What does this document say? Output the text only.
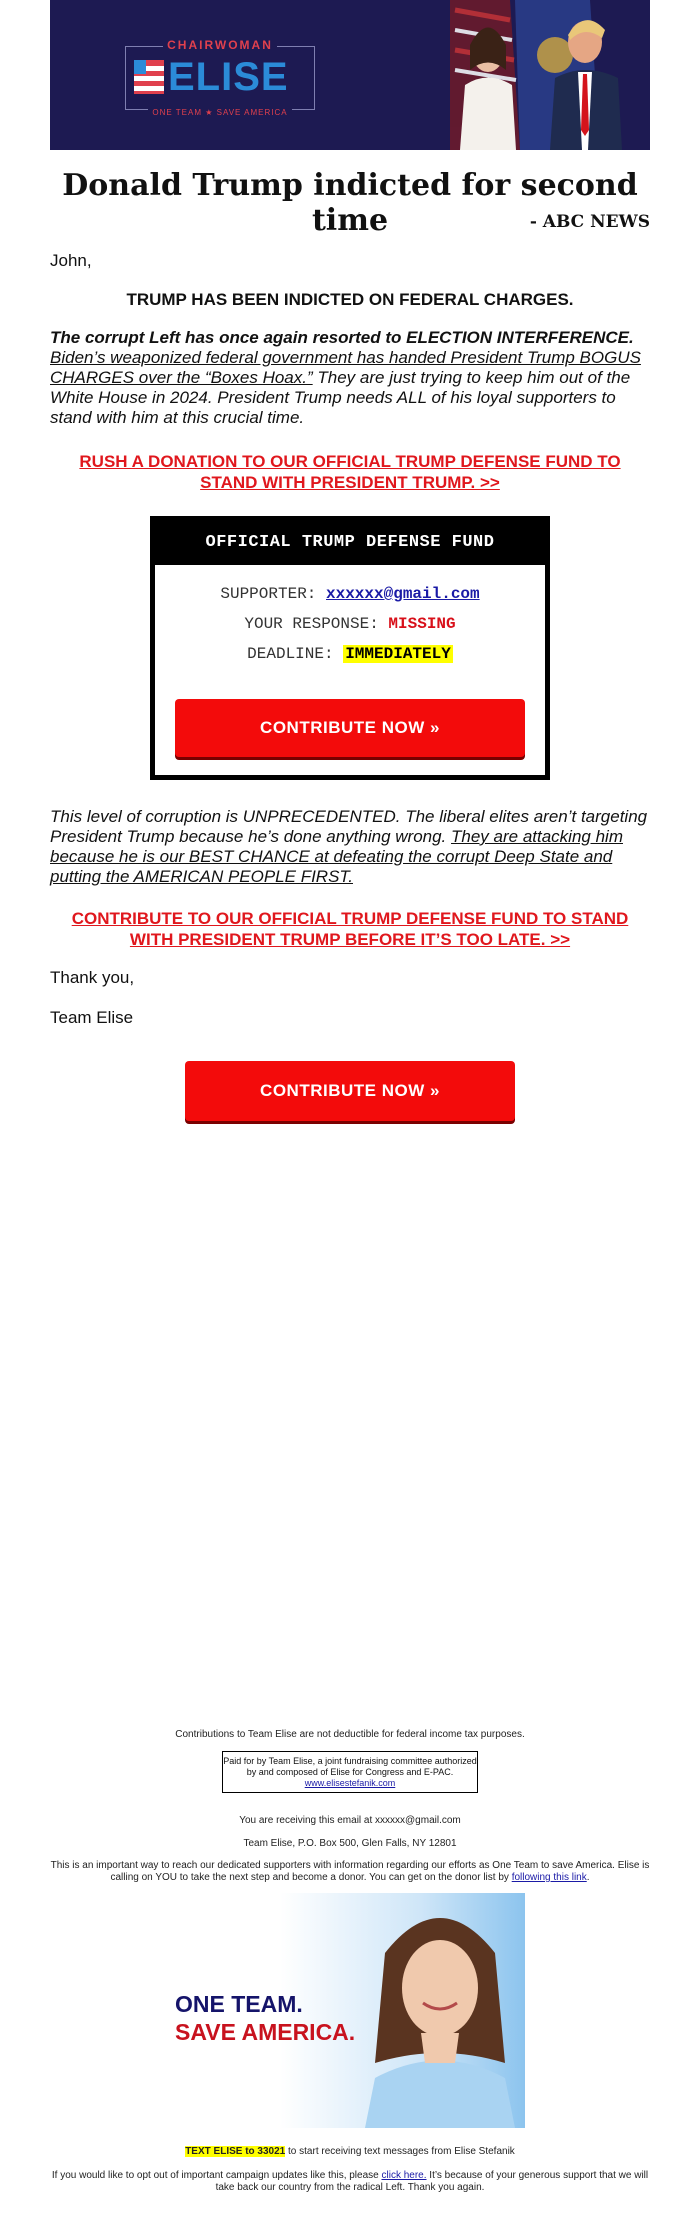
CHAIRWOMAN
ELISE
ONE TEAM ★ SAVE AMERICA
Donald Trump indicted for second time	- ABC NEWS
John,
TRUMP HAS BEEN INDICTED ON FEDERAL CHARGES.
The corrupt Left has once again resorted to ELECTION INTERFERENCE. Biden’s weaponized federal government has handed President Trump BOGUS CHARGES over the “Boxes Hoax.” They are just trying to keep him out of the White House in 2024. President Trump needs ALL of his loyal supporters to stand with him at this crucial time.
RUSH A DONATION TO OUR OFFICIAL TRUMP DEFENSE FUND TO STAND WITH PRESIDENT TRUMP. >>
OFFICIAL TRUMP DEFENSE FUND
SUPPORTER: xxxxxx@gmail.com
YOUR RESPONSE: MISSING
DEADLINE: IMMEDIATELY
CONTRIBUTE NOW »
This level of corruption is UNPRECEDENTED. The liberal elites aren’t targeting President Trump because he’s done anything wrong. They are attacking him because he is our BEST CHANCE at defeating the corrupt Deep State and putting the AMERICAN PEOPLE FIRST.
CONTRIBUTE TO OUR OFFICIAL TRUMP DEFENSE FUND TO STAND WITH PRESIDENT TRUMP BEFORE IT’S TOO LATE. >>
Thank you,
Team Elise
CONTRIBUTE NOW »
Contributions to Team Elise are not deductible for federal income tax purposes.
Paid for by Team Elise, a joint fundraising committee authorized by and composed of Elise for Congress and E-PAC. www.elisestefanik.com
You are receiving this email at xxxxxx@gmail.com
Team Elise, P.O. Box 500, Glen Falls, NY 12801
This is an important way to reach our dedicated supporters with information regarding our efforts as One Team to save America. Elise is calling on YOU to take the next step and become a donor. You can get on the donor list by following this link.
ONE TEAM.
SAVE AMERICA.
TEXT ELISE to 33021 to start receiving text messages from Elise Stefanik
If you would like to opt out of important campaign updates like this, please click here. It’s because of your generous support that we will take back our country from the radical Left. Thank you again.
